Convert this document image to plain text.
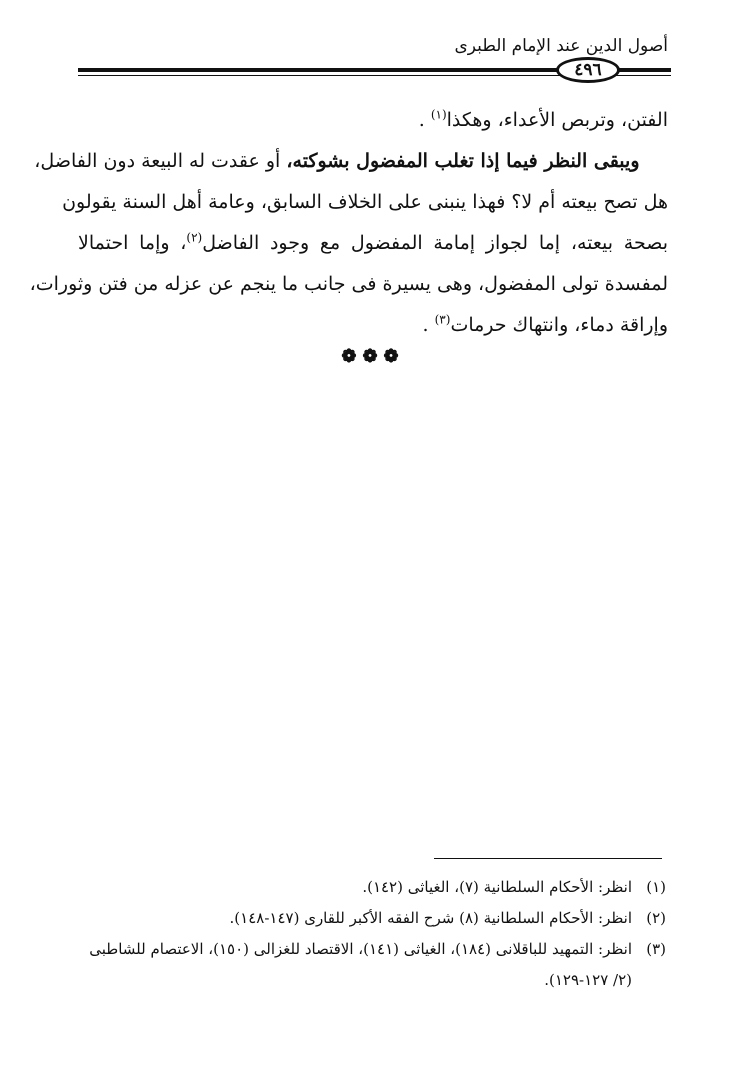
أصول الدين عند الإمام الطبرى
٤٩٦

الفتن، وتربص الأعداء، وهكذا$^{(١)}$ .

  ويبقى النظر فيما إذا تغلب المفضول بشوكته، أو عقدت له البيعة دون الفاضل،
هل تصح بيعته أم لا؟ فهذا ينبنى على الخلاف السابق، وعامة أهل السنة يقولون
بصحة بيعته، إما لجواز إمامة المفضول مع وجود الفاضل$^{(٢)}$، وإما احتمالا
لمفسدة تولى المفضول، وهى يسيرة فى جانب ما ينجم عن عزله من فتن وثورات،
وإراقة دماء، وانتهاك حرمات$^{(٣)}$ .

❁❁❁
(١)
انظر: الأحكام السلطانية (٧)، الغياثى (١٤٢).
(٢)
انظر: الأحكام السلطانية (٨) شرح الفقه الأكبر للقارى (١٤٧-١٤٨).
(٣)
انظر: التمهيد للباقلانى (١٨٤)، الغياثى (١٤١)، الاقتصاد للغزالى (١٥٠)، الاعتصام للشاطبى (٢/ ١٢٧-١٢٩).
